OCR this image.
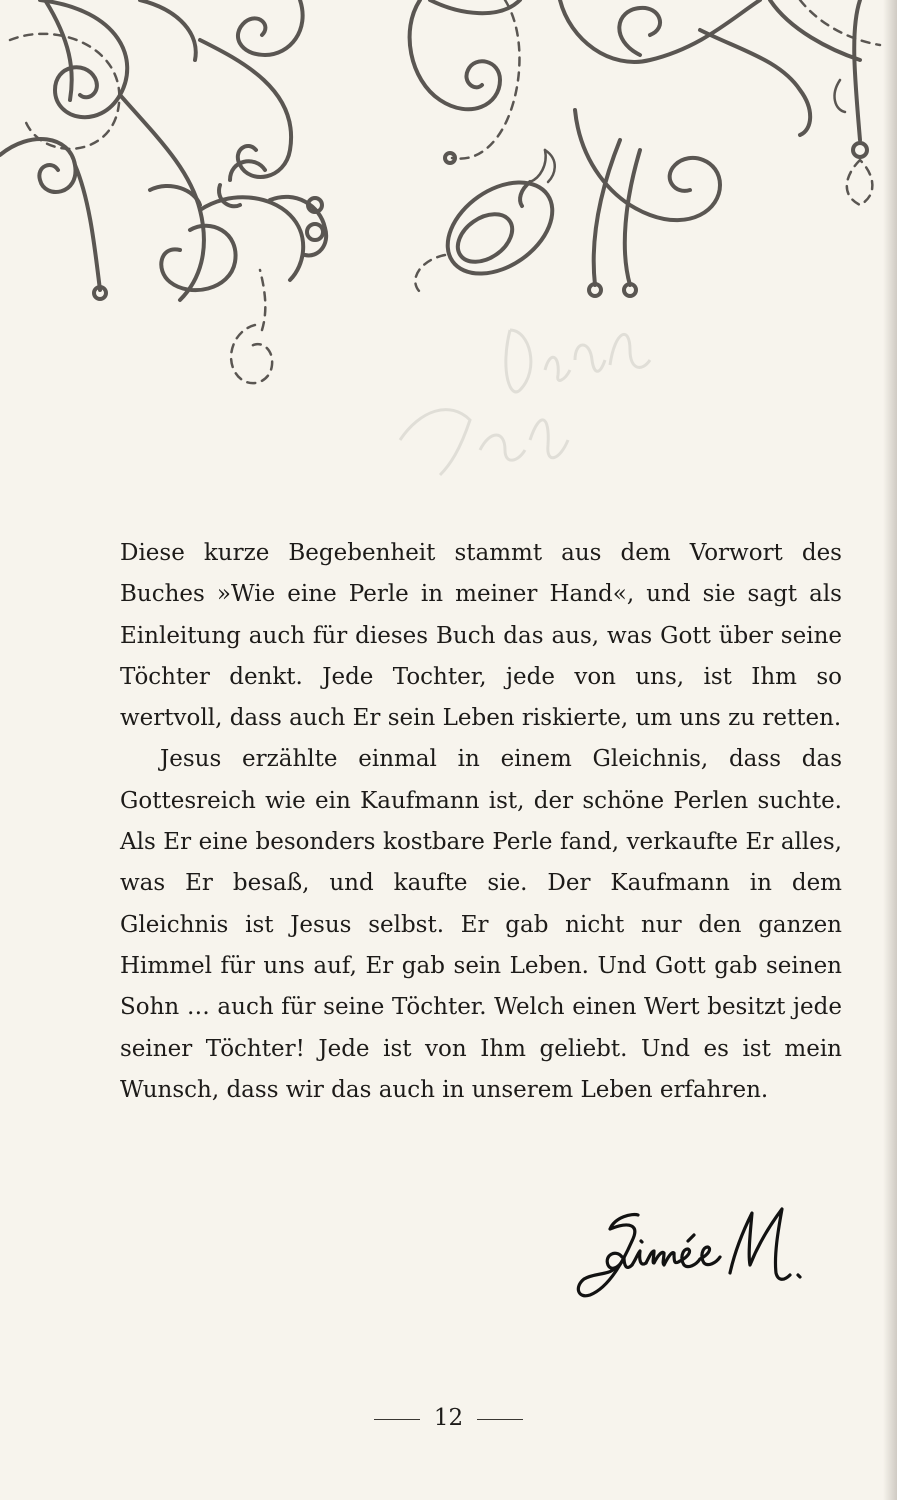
Diese kurze Begebenheit stammt aus dem Vorwort des Buches »Wie eine Perle in meiner Hand«, und sie sagt als Einleitung auch für dieses Buch das aus, was Gott über seine Töchter denkt. Jede Tochter, jede von uns, ist Ihm so wertvoll, dass auch Er sein Leben riskierte, um uns zu retten.

Jesus erzählte einmal in einem Gleichnis, dass das Gottesreich wie ein Kaufmann ist, der schöne Perlen suchte. Als Er eine besonders kostbare Perle fand, verkaufte Er alles, was Er besaß, und kaufte sie. Der Kaufmann in dem Gleichnis ist Jesus selbst. Er gab nicht nur den ganzen Himmel für uns auf, Er gab sein Leben. Und Gott gab seinen Sohn … auch für seine Töchter. Welch einen Wert besitzt jede seiner Töchter! Jede ist von Ihm geliebt. Und es ist mein Wunsch, dass wir das auch in unserem Leben erfahren.

12
